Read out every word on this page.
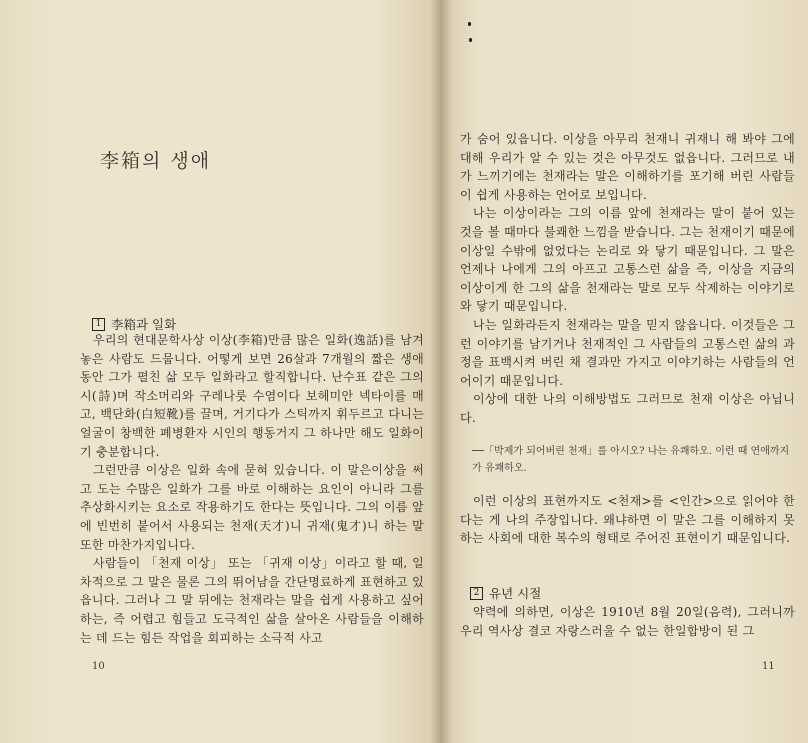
李箱의 생애
1 李箱과 일화

우리의 현대문학사상 이상(李箱)만큼 많은 일화(逸話)를 남겨 놓은 사람도 드뭅니다. 어떻게 보면 26살과 7개월의 짧은 생애 동안 그가 펼친 삶 모두 일화라고 할직합니다. 난수표 같은 그의 시(詩)며 작소머리와 구레나룻 수염이다 보헤미안 넥타이를 매고, 백단화(白短靴)를 끌며, 거기다가 스틱까지 휘두르고 다니는 얼굴이 창백한 폐병환자 시인의 행동거지 그 하나만 해도 일화이기 충분합니다.

그런만큼 이상은 일화 속에 묻혀 있습니다. 이 말은이상을 써고 도는 수많은 일화가 그를 바로 이해하는 요인이 아니라 그를 추상화시키는 요소로 작용하기도 한다는 뜻입니다. 그의 이름 앞에 빈번히 붙어서 사용되는 천재(天才)니 귀재(鬼才)니 하는 말 또한 마찬가지입니다.

사람들이 「천재 이상」 또는 「귀재 이상」이라고 할 때, 일차적으로 그 말은 물론 그의 뛰어남을 간단명료하게 표현하고 있읍니다. 그러나 그 말 뒤에는 천재라는 말을 쉽게 사용하고 싶어 하는, 즉 어렵고 힘들고 도극적인 삶을 살아온 사람들을 이해하는 데 드는 힘든 작업을 회피하는 소극적 사고

10

가 숨어 있읍니다. 이상을 아무리 천재니 귀재니 해 봐야 그에 대해 우리가 알 수 있는 것은 아무것도 없읍니다. 그러므로 내가 느끼기에는 천재라는 말은 이해하기를 포기해 버린 사람들이 쉽게 사용하는 언어로 보입니다.

나는 이상이라는 그의 이름 앞에 천재라는 말이 붙어 있는 것을 볼 때마다 불쾌한 느낌을 받습니다. 그는 천재이기 때문에 이상일 수밖에 없었다는 논리로 와 닿기 때문입니다. 그 말은 언제나 나에게 그의 아프고 고통스런 삶을 즉, 이상을 지금의 이상이게 한 그의 삶을 천재라는 말로 모두 삭제하는 이야기로 와 닿기 때문입니다.

나는 일화라든지 천재라는 말을 믿지 않읍니다. 이것들은 그런 이야기를 남기거나 천재적인 그 사람들의 고통스런 삶의 과정을 표백시켜 버린 채 결과만 가지고 이야기하는 사람들의 언어이기 때문입니다.

이상에 대한 나의 이해방법도 그러므로 천재 이상은 아닙니다.

──「박제가 되어버린 천재」를 아시오? 나는 유쾌하오. 이런 때 연애까지가 유쾌하오.

이런 이상의 표현까지도 <천재>를 <인간>으로 읽어야 한다는 게 나의 주장입니다. 왜냐하면 이 말은 그를 이해하지 못하는 사회에 대한 복수의 형태로 주어진 표현이기 때문입니다.

2 유년 시절

약력에 의하면, 이상은 1910년 8월 20일(음력), 그러니까 우리 역사상 결코 자랑스러울 수 없는 한일합방이 된 그

11
